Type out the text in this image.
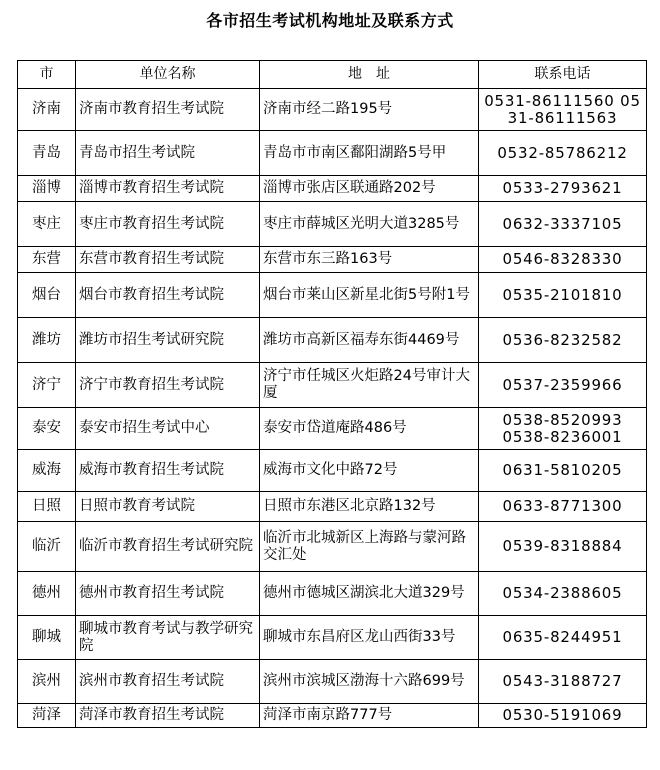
各市招生考试机构地址及联系方式
市	单位名称	地　址	联系电话
济南	济南市教育招生考试院	济南市经二路195号	0531-86111560 05
31-86111563

青岛	青岛市招生考试院	青岛市市南区鄱阳湖路5号甲	0532-85786212

淄博	淄博市教育招生考试院	淄博市张店区联通路202号	0533-2793621

枣庄	枣庄市教育招生考试院	枣庄市薛城区光明大道3285号	0632-3337105

东营	东营市教育招生考试院	东营市东三路163号	0546-8328330

烟台	烟台市教育招生考试院	烟台市莱山区新星北街5号附1号	0535-2101810

潍坊	潍坊市招生考试研究院	潍坊市高新区福寿东街4469号	0536-8232582

济宁	济宁市教育招生考试院	济宁市任城区火炬路24号审计大厦	0537-2359966

泰安	泰安市招生考试中心	泰安市岱道庵路486号	0538-8520993
0538-8236001

威海	威海市教育招生考试院	威海市文化中路72号	0631-5810205

日照	日照市教育考试院	日照市东港区北京路132号	0633-8771300

临沂	临沂市教育招生考试研究院	临沂市北城新区上海路与蒙河路交汇处	0539-8318884

德州	德州市教育招生考试院	德州市德城区湖滨北大道329号	0534-2388605

聊城	聊城市教育考试与教学研究院	聊城市东昌府区龙山西街33号	0635-8244951

滨州	滨州市教育招生考试院	滨州市滨城区渤海十六路699号	0543-3188727

菏泽	菏泽市教育招生考试院	菏泽市南京路777号	0530-5191069
